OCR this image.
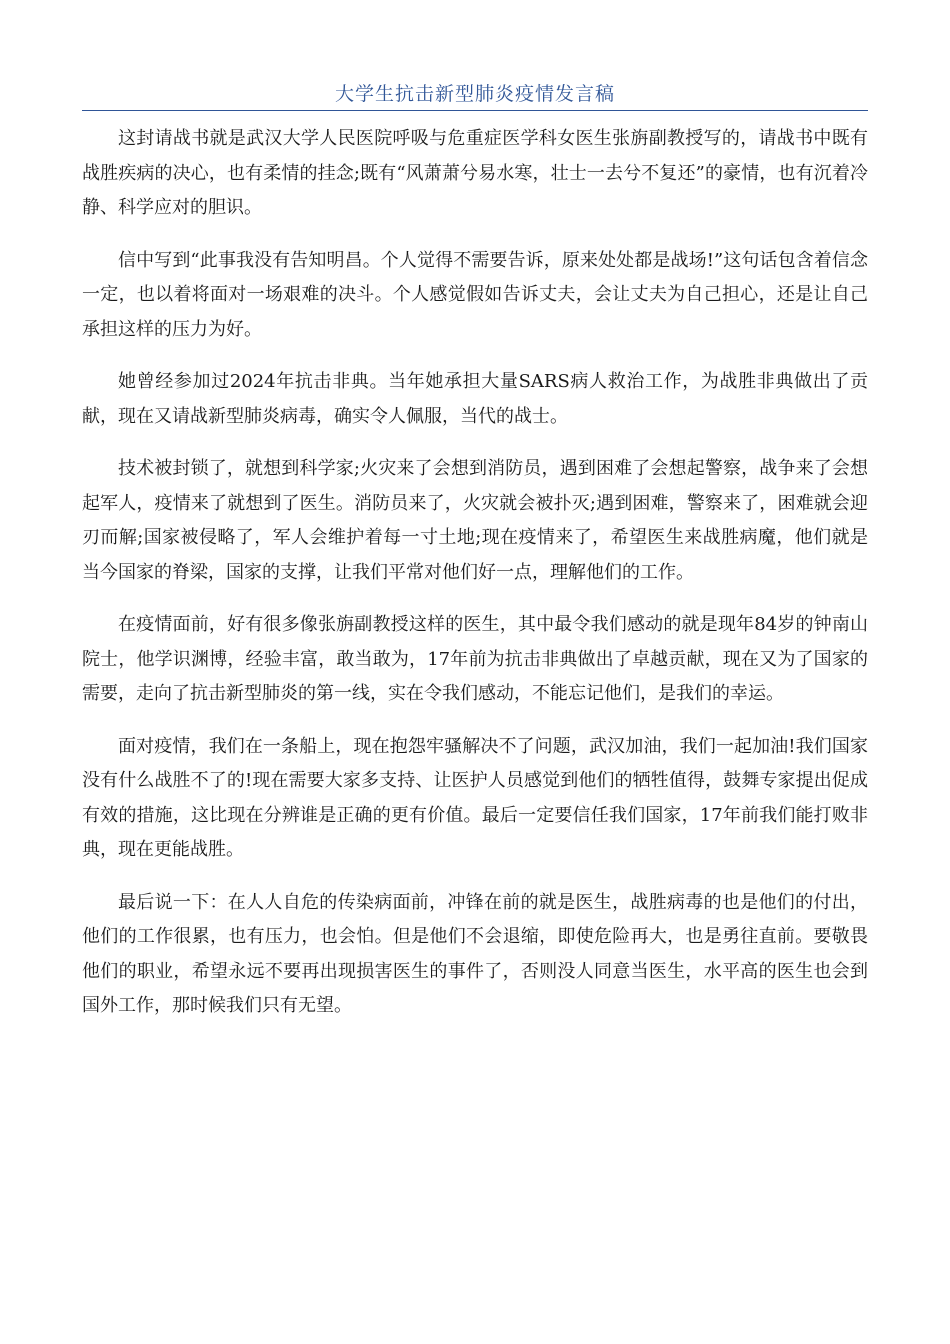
大学生抗击新型肺炎疫情发言稿

这封请战书就是武汉大学人民医院呼吸与危重症医学科女医生张旃副教授写的，请战书中既有战胜疾病的决心，也有柔情的挂念;既有“风萧萧兮易水寒，壮士一去兮不复还”的豪情，也有沉着冷静、科学应对的胆识。

信中写到“此事我没有告知明昌。个人觉得不需要告诉，原来处处都是战场!”这句话包含着信念一定，也以着将面对一场艰难的决斗。个人感觉假如告诉丈夫，会让丈夫为自己担心，还是让自己承担这样的压力为好。

她曾经参加过2024年抗击非典。当年她承担大量SARS病人救治工作，为战胜非典做出了贡献，现在又请战新型肺炎病毒，确实令人佩服，当代的战士。

技术被封锁了，就想到科学家;火灾来了会想到消防员，遇到困难了会想起警察，战争来了会想起军人，疫情来了就想到了医生。消防员来了，火灾就会被扑灭;遇到困难，警察来了，困难就会迎刃而解;国家被侵略了，军人会维护着每一寸土地;现在疫情来了，希望医生来战胜病魔，他们就是当今国家的脊梁，国家的支撑，让我们平常对他们好一点，理解他们的工作。

在疫情面前，好有很多像张旃副教授这样的医生，其中最令我们感动的就是现年84岁的钟南山院士，他学识渊博，经验丰富，敢当敢为，17年前为抗击非典做出了卓越贡献，现在又为了国家的需要，走向了抗击新型肺炎的第一线，实在令我们感动，不能忘记他们，是我们的幸运。

面对疫情，我们在一条船上，现在抱怨牢骚解决不了问题，武汉加油，我们一起加油!我们国家没有什么战胜不了的!现在需要大家多支持、让医护人员感觉到他们的牺牲值得，鼓舞专家提出促成有效的措施，这比现在分辨谁是正确的更有价值。最后一定要信任我们国家，17年前我们能打败非典，现在更能战胜。

最后说一下：在人人自危的传染病面前，冲锋在前的就是医生，战胜病毒的也是他们的付出，他们的工作很累，也有压力，也会怕。但是他们不会退缩，即使危险再大，也是勇往直前。要敬畏他们的职业，希望永远不要再出现损害医生的事件了，否则没人同意当医生，水平高的医生也会到国外工作，那时候我们只有无望。
